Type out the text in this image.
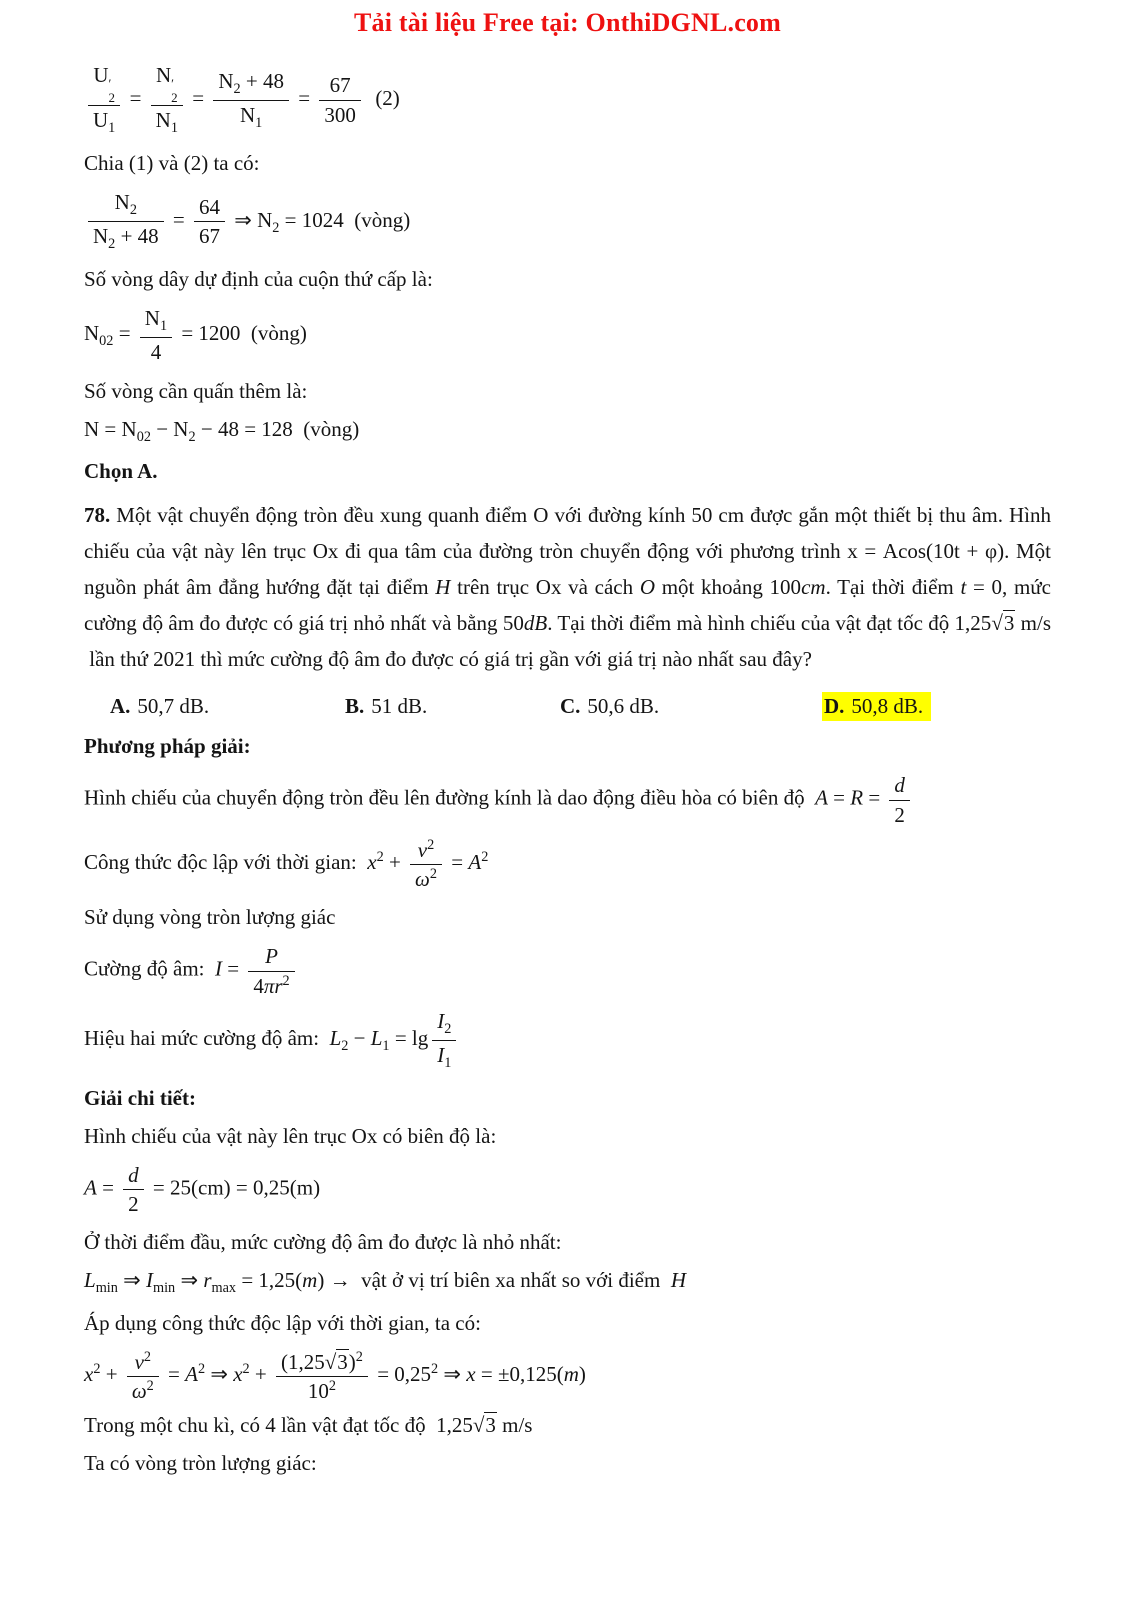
Tải tài liệu Free tại: OnthiDGNL.com
U ′
2
$U_1 = N$ ′
2
$N_1 = \frac{N_2 + 48}{N_1} = \frac{67}{300} (2)$

Chia (1) và (2) ta có:

$\frac{N_2}{N_2 + 48} = \frac{64}{67}$ ⇒ $N_2 = 1024$  (vòng)

Số vòng dây dự định của cuộn thứ cấp là:

$N_{02} = \frac{N_1}{4} = 1200$  (vòng)

Số vòng cần quấn thêm là:

$N = N_{02} - N_2 - 48 = 128$  (vòng)

Chọn A.

78. Một vật chuyển động tròn đều xung quanh điểm O với đường kính 50 cm được gắn một thiết bị thu âm. Hình chiếu của vật này lên trục Ox đi qua tâm của đường tròn chuyển động với phương trình x = Acos(10t + φ). Một nguồn phát âm đẳng hướng đặt tại điểm H trên trục Ox và cách O một khoảng 100cm. Tại thời điểm t = 0, mức cường độ âm đo được có giá trị nhỏ nhất và bằng 50dB. Tại thời điểm mà hình chiếu của vật đạt tốc độ 1,25√3 m/s  lần thứ 2021 thì mức cường độ âm đo được có giá trị gần với giá trị nào nhất sau đây?

A. 50,7 dB.	B. 51 dB.	C. 50,6 dB.	D. 50,8 dB.

Phương pháp giải:

Hình chiếu của chuyển động tròn đều lên đường kính là dao động điều hòa có biên độ  $A = R = \frac{d}{2}$
Công thức độc lập với thời gian:  $x^2 + \frac{v^2}{\omega^2} = A^2$

Sử dụng vòng tròn lượng giác

Cường độ âm:  $I = \frac{P}{4\pi r^2}$
Hiệu hai mức cường độ âm:  $L_2 - L_1 = \lg \frac{I_2}{I_1}$

Giải chi tiết:

Hình chiếu của vật này lên trục Ox có biên độ là:

$A = \frac{d}{2} = 25(cm) = 0,25(m)$

Ở thời điểm đầu, mức cường độ âm đo được là nhỏ nhất:

$L_{min}$ ⇒ $I_{min}$ ⇒ $r_{max} = 1,25(m)$ →  vật ở vị trí biên xa nhất so với điểm  H

Áp dụng công thức độc lập với thời gian, ta có:

$x^2 + \frac{v^2}{\omega^2} = A^2$ ⇒ $x^2 + \frac{(1,25√3)^2}{10^2} = 0,25^2$ ⇒ x = ±0,125(m)
Trong một chu kì, có 4 lần vật đạt tốc độ  1,25√3 m/s

Ta có vòng tròn lượng giác:
